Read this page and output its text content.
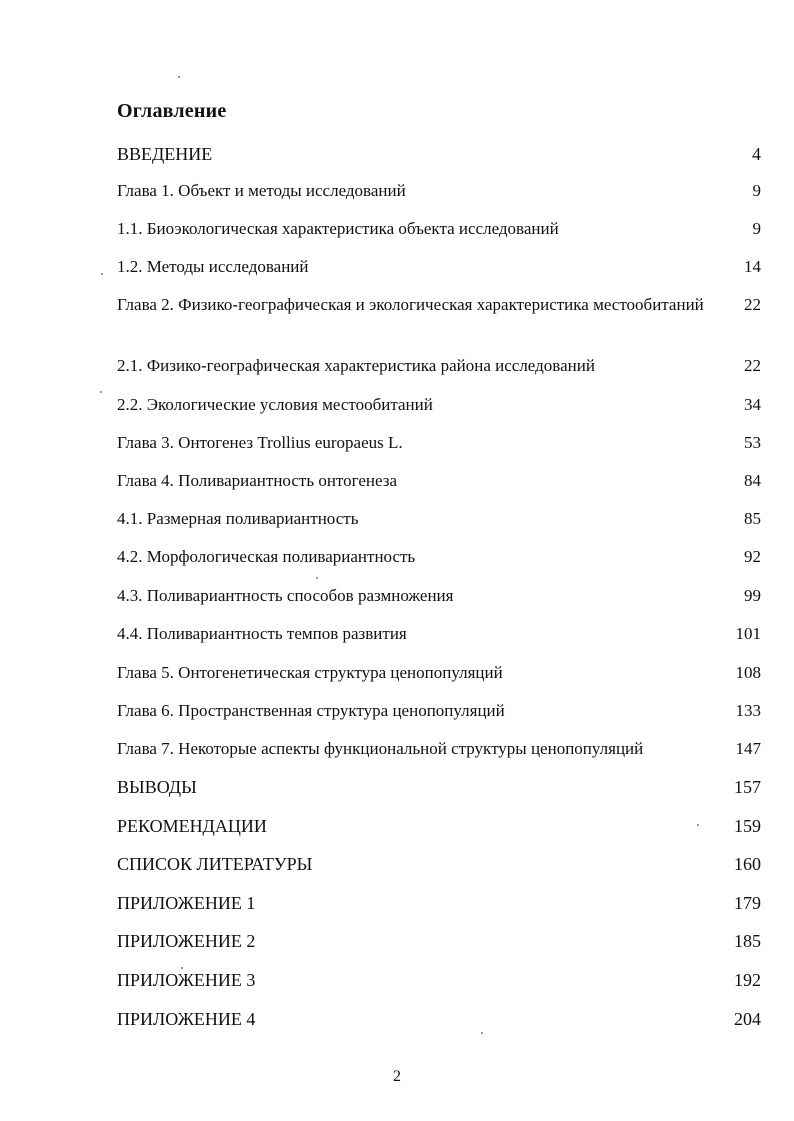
Оглавление
ВВЕДЕНИЕ	4
Глава 1. Объект и методы исследований	9
1.1. Биоэкологическая характеристика объекта исследований	9
1.2. Методы исследований	14
Глава 2. Физико-географическая и экологическая характеристика местообитаний	22
2.1. Физико-географическая характеристика района исследований	22
2.2. Экологические условия местообитаний	34
Глава 3. Онтогенез Trollius europaeus L.	53
Глава 4. Поливариантность онтогенеза	84
4.1. Размерная поливариантность	85
4.2. Морфологическая поливариантность	92
4.3. Поливариантность способов размножения	99
4.4. Поливариантность темпов развития	101
Глава 5. Онтогенетическая структура ценопопуляций	108
Глава 6. Пространственная структура ценопопуляций	133
Глава 7. Некоторые аспекты функциональной структуры ценопопуляций	147
ВЫВОДЫ	157
РЕКОМЕНДАЦИИ	159
СПИСОК ЛИТЕРАТУРЫ	160
ПРИЛОЖЕНИЕ 1	179
ПРИЛОЖЕНИЕ 2	185
ПРИЛОЖЕНИЕ 3	192
ПРИЛОЖЕНИЕ 4	204
2
